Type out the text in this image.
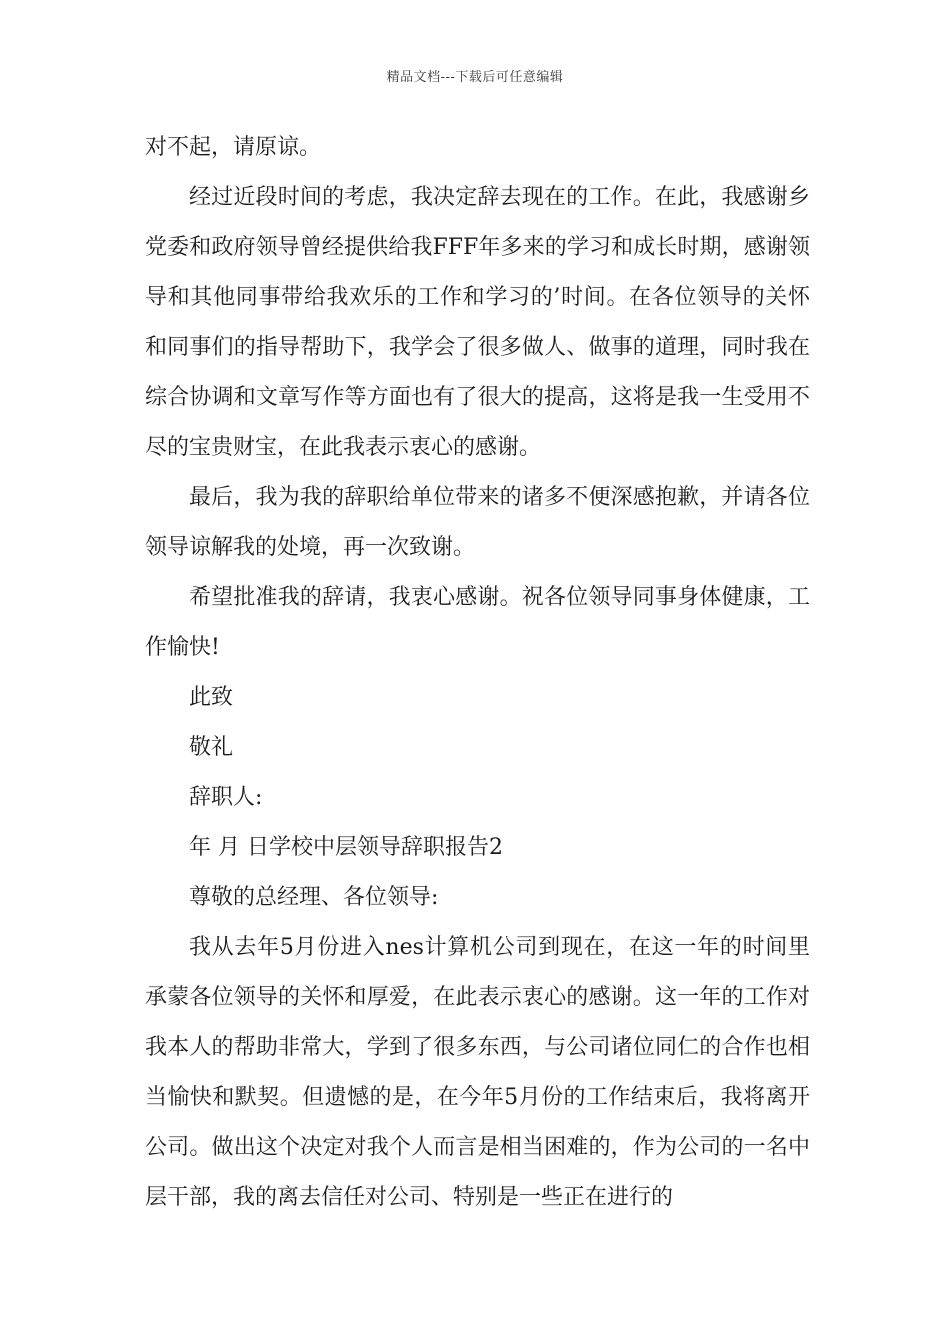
精品文档---下载后可任意编辑

对不起，请原谅。

经过近段时间的考虑，我决定辞去现在的工作。在此，我感谢乡党委和政府领导曾经提供给我FFF年多来的学习和成长时期，感谢领导和其他同事带给我欢乐的工作和学习的’时间。在各位领导的关怀和同事们的指导帮助下，我学会了很多做人、做事的道理，同时我在综合协调和文章写作等方面也有了很大的提高，这将是我一生受用不尽的宝贵财宝，在此我表示衷心的感谢。

最后，我为我的辞职给单位带来的诸多不便深感抱歉，并请各位领导谅解我的处境，再一次致谢。

希望批准我的辞请，我衷心感谢。祝各位领导同事身体健康，工作愉快!

此致

敬礼

辞职人:

年 月 日学校中层领导辞职报告2

尊敬的总经理、各位领导:

我从去年5月份进入nes计算机公司到现在，在这一年的时间里承蒙各位领导的关怀和厚爱，在此表示衷心的感谢。这一年的工作对我本人的帮助非常大，学到了很多东西，与公司诸位同仁的合作也相当愉快和默契。但遗憾的是，在今年5月份的工作结束后，我将离开公司。做出这个决定对我个人而言是相当困难的，作为公司的一名中层干部，我的离去信任对公司、特别是一些正在进行的
